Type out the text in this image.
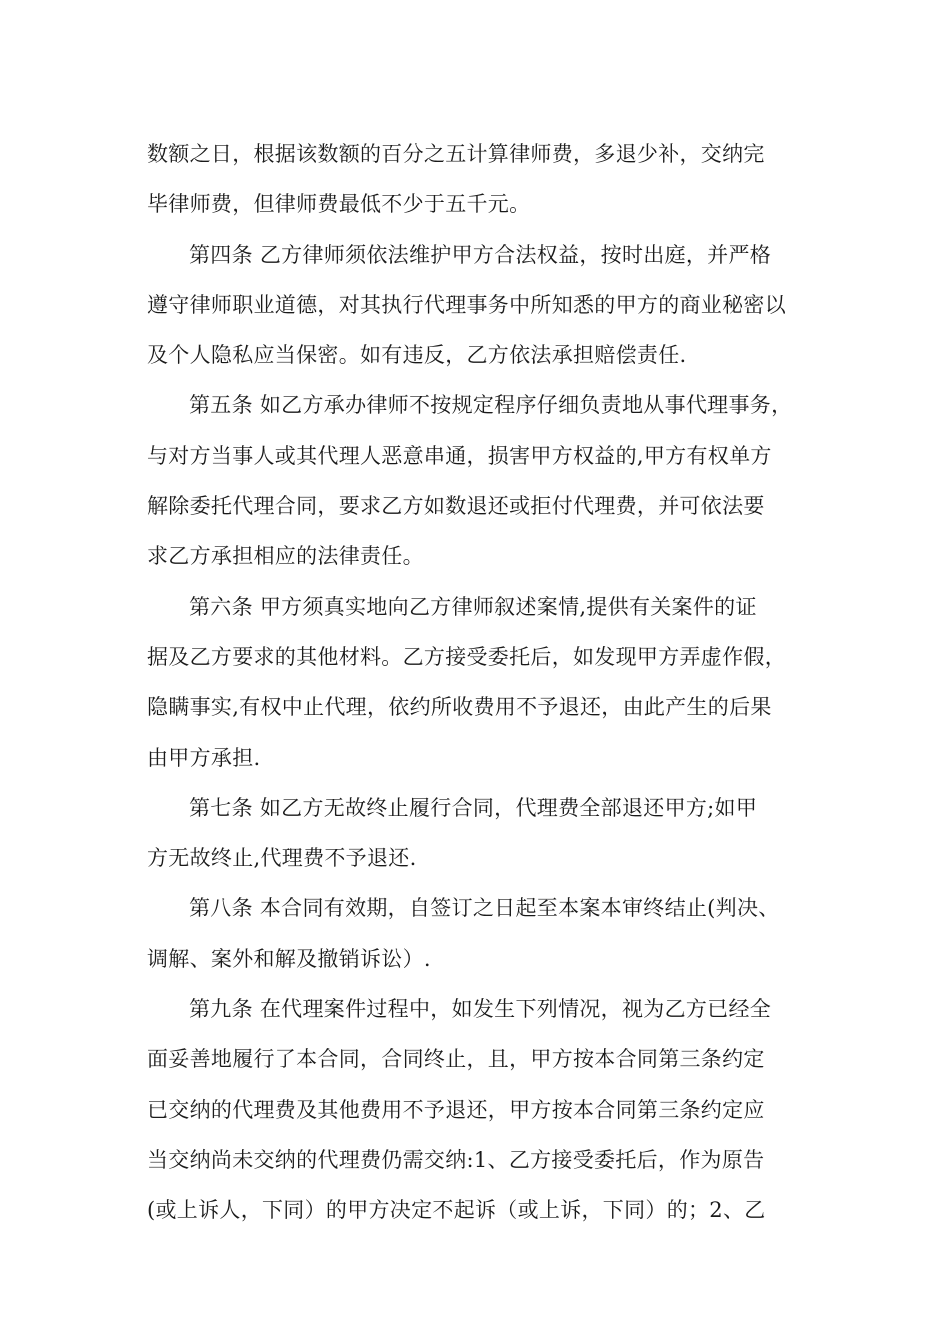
数额之日，根据该数额的百分之五计算律师费，多退少补，交纳完
毕律师费，但律师费最低不少于五千元。
第四条 乙方律师须依法维护甲方合法权益，按时出庭，并严格
遵守律师职业道德，对其执行代理事务中所知悉的甲方的商业秘密以
及个人隐私应当保密。如有违反，乙方依法承担赔偿责任.
第五条 如乙方承办律师不按规定程序仔细负责地从事代理事务，
与对方当事人或其代理人恶意串通，损害甲方权益的,甲方有权单方
解除委托代理合同，要求乙方如数退还或拒付代理费，并可依法要
求乙方承担相应的法律责任。
第六条 甲方须真实地向乙方律师叙述案情,提供有关案件的证
据及乙方要求的其他材料。乙方接受委托后，如发现甲方弄虚作假，
隐瞒事实,有权中止代理，依约所收费用不予退还，由此产生的后果
由甲方承担.
第七条 如乙方无故终止履行合同，代理费全部退还甲方;如甲
方无故终止,代理费不予退还.
第八条 本合同有效期，自签订之日起至本案本审终结止(判决、
调解、案外和解及撤销诉讼）.
第九条 在代理案件过程中，如发生下列情况，视为乙方已经全
面妥善地履行了本合同，合同终止，且，甲方按本合同第三条约定
已交纳的代理费及其他费用不予退还，甲方按本合同第三条约定应
当交纳尚未交纳的代理费仍需交纳:1、乙方接受委托后，作为原告
(或上诉人，下同）的甲方决定不起诉（或上诉，下同）的；2、乙
